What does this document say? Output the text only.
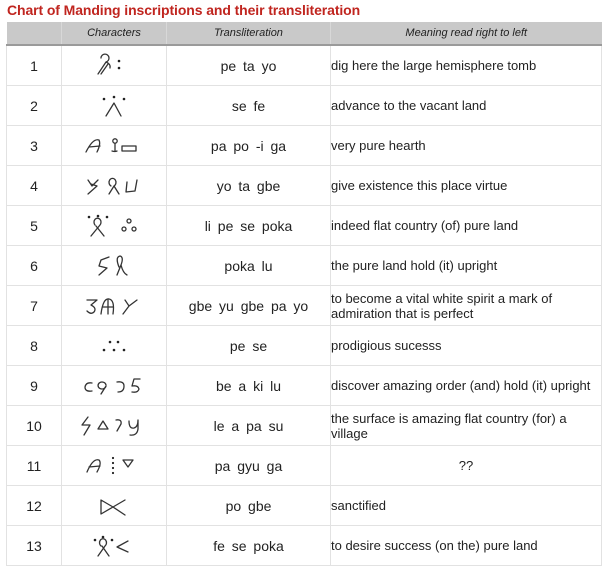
Chart of Manding inscriptions and their transliteration
	Characters	Transliteration	Meaning read right to left
1		pe ta yo	dig here the large hemisphere tomb
2		se fe	advance to the vacant land
3		pa po -i ga	very pure hearth
4		yo ta gbe	give existence this place virtue
5		li pe se poka	indeed flat country (of) pure land
6		poka lu	the pure land hold (it) upright
7		gbe yu gbe pa yo	to become a vital white spirit a mark of admiration that is perfect
8		pe se	prodigious sucesss
9		be a ki lu	discover amazing order (and) hold (it) upright
10		le a pa su	the surface is amazing flat country (for) a village
11		pa gyu ga	??
12		po gbe	sanctified
13		fe se poka	to desire success (on the) pure land
